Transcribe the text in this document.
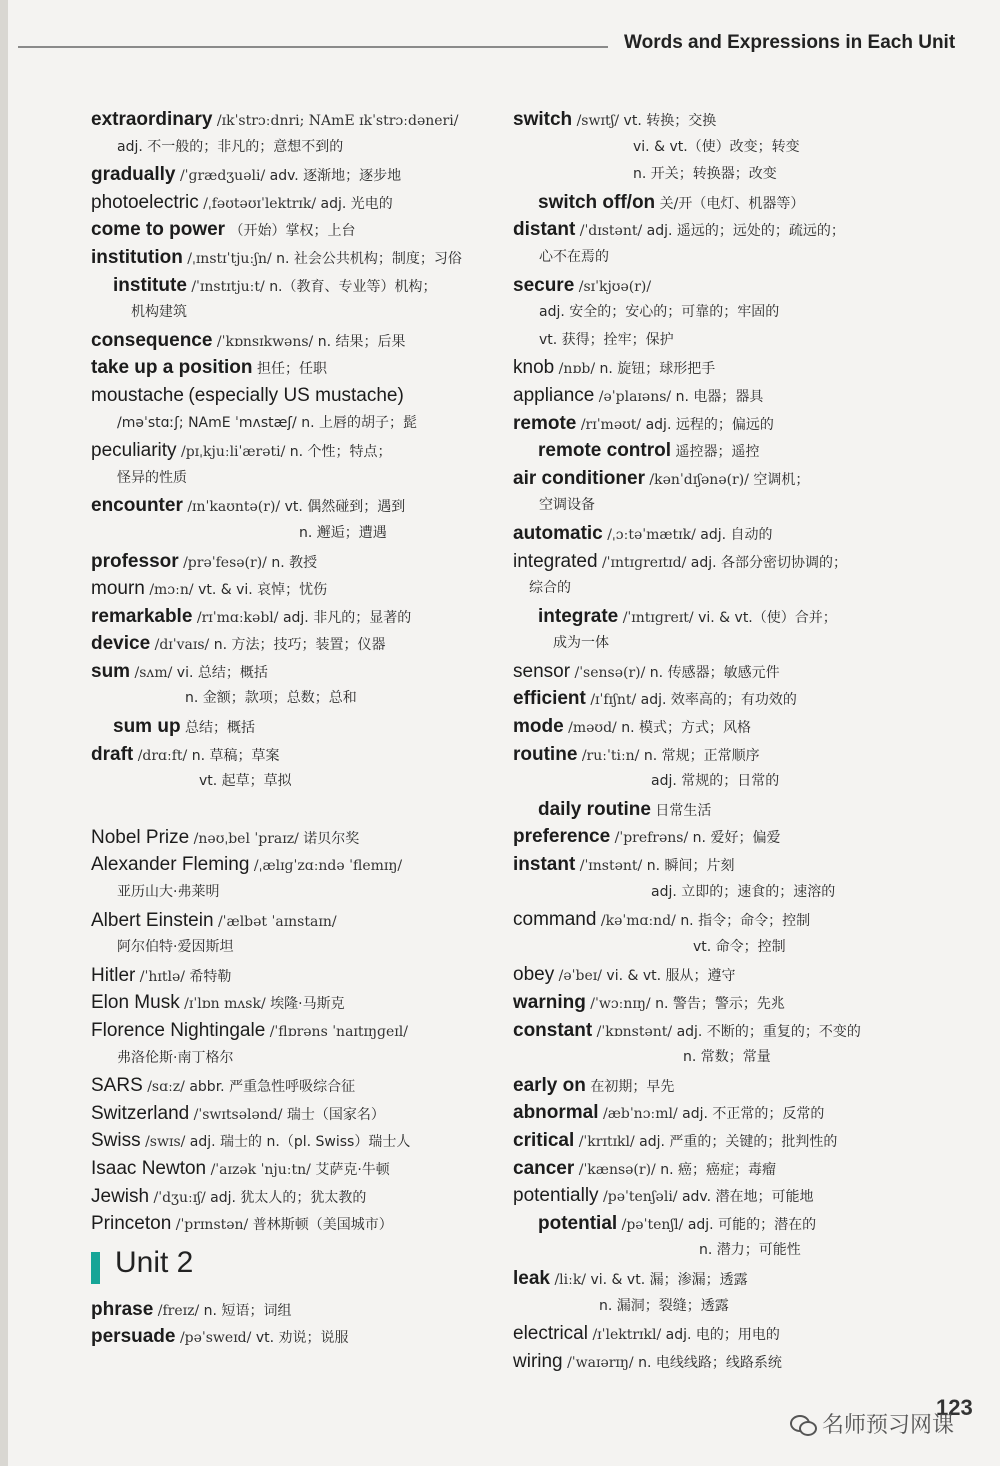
Words and Expressions in Each Unit
extraordinary /ɪkˈstrɔːdnri; NAmE ɪkˈstrɔːdəneri/
adj. 不一般的；非凡的；意想不到的
gradually /ˈɡrædʒuəli/ adv. 逐渐地；逐步地
photoelectric /ˌfəʊtəʊɪˈlektrɪk/ adj. 光电的
come to power （开始）掌权；上台
institution /ˌɪnstɪˈtjuːʃn/ n. 社会公共机构；制度；习俗
institute /ˈɪnstɪtjuːt/ n.（教育、专业等）机构；
机构建筑
consequence /ˈkɒnsɪkwəns/ n. 结果；后果
take up a position 担任；任职
moustache (especially US mustache)
/məˈstɑːʃ; NAmE ˈmʌstæʃ/ n. 上唇的胡子；髭
peculiarity /pɪˌkjuːliˈærəti/ n. 个性；特点；
怪异的性质
encounter /ɪnˈkaʊntə(r)/ vt. 偶然碰到；遇到
n. 邂逅；遭遇
professor /prəˈfesə(r)/ n. 教授
mourn /mɔːn/ vt. & vi. 哀悼；忧伤
remarkable /rɪˈmɑːkəbl/ adj. 非凡的；显著的
device /dɪˈvaɪs/ n. 方法；技巧；装置；仪器
sum /sʌm/ vi. 总结；概括
n. 金额；款项；总数；总和
sum up 总结；概括
draft /drɑːft/ n. 草稿；草案
vt. 起草；草拟
Nobel Prize /nəʊˌbel ˈpraɪz/ 诺贝尔奖
Alexander Fleming /ˌælɪɡˈzɑːndə ˈflemɪŋ/
亚历山大·弗莱明
Albert Einstein /ˈælbət ˈaɪnstaɪn/
阿尔伯特·爱因斯坦
Hitler /ˈhɪtlə/ 希特勒
Elon Musk /ɪˈlɒn mʌsk/ 埃隆·马斯克
Florence Nightingale /ˈflɒrəns ˈnaɪtɪŋɡeɪl/
弗洛伦斯·南丁格尔
SARS /sɑːz/ abbr. 严重急性呼吸综合征
Switzerland /ˈswɪtsələnd/ 瑞士（国家名）
Swiss /swɪs/ adj. 瑞士的 n.（pl. Swiss）瑞士人
Isaac Newton /ˈaɪzək ˈnjuːtn/ 艾萨克·牛顿
Jewish /ˈdʒuːɪʃ/ adj. 犹太人的；犹太教的
Princeton /ˈprɪnstən/ 普林斯顿（美国城市）
Unit 2
phrase /freɪz/ n. 短语；词组
persuade /pəˈsweɪd/ vt. 劝说；说服
switch /swɪtʃ/ vt. 转换；交换
vi. & vt.（使）改变；转变
n. 开关；转换器；改变
switch off/on 关/开（电灯、机器等）
distant /ˈdɪstənt/ adj. 遥远的；远处的；疏远的；
心不在焉的
secure /sɪˈkjʊə(r)/
adj. 安全的；安心的；可靠的；牢固的
vt. 获得；拴牢；保护
knob /nɒb/ n. 旋钮；球形把手
appliance /əˈplaɪəns/ n. 电器；器具
remote /rɪˈməʊt/ adj. 远程的；偏远的
remote control 遥控器；遥控
air conditioner /kənˈdɪʃənə(r)/ 空调机；
空调设备
automatic /ˌɔːtəˈmætɪk/ adj. 自动的
integrated /ˈɪntɪɡreɪtɪd/ adj. 各部分密切协调的；
综合的
integrate /ˈɪntɪɡreɪt/ vi. & vt.（使）合并；
成为一体
sensor /ˈsensə(r)/ n. 传感器；敏感元件
efficient /ɪˈfɪʃnt/ adj. 效率高的；有功效的
mode /məʊd/ n. 模式；方式；风格
routine /ruːˈtiːn/ n. 常规；正常顺序
adj. 常规的；日常的
daily routine 日常生活
preference /ˈprefrəns/ n. 爱好；偏爱
instant /ˈɪnstənt/ n. 瞬间；片刻
adj. 立即的；速食的；速溶的
command /kəˈmɑːnd/ n. 指令；命令；控制
vt. 命令；控制
obey /əˈbeɪ/ vi. & vt. 服从；遵守
warning /ˈwɔːnɪŋ/ n. 警告；警示；先兆
constant /ˈkɒnstənt/ adj. 不断的；重复的；不变的
n. 常数；常量
early on 在初期；早先
abnormal /æbˈnɔːml/ adj. 不正常的；反常的
critical /ˈkrɪtɪkl/ adj. 严重的；关键的；批判性的
cancer /ˈkænsə(r)/ n. 癌；癌症；毒瘤
potentially /pəˈtenʃəli/ adv. 潜在地；可能地
potential /pəˈtenʃl/ adj. 可能的；潜在的
n. 潜力；可能性
leak /liːk/ vi. & vt. 漏；渗漏；透露
n. 漏洞；裂缝；透露
electrical /ɪˈlektrɪkl/ adj. 电的；用电的
wiring /ˈwaɪərɪŋ/ n. 电线线路；线路系统
123
名师预习网课
